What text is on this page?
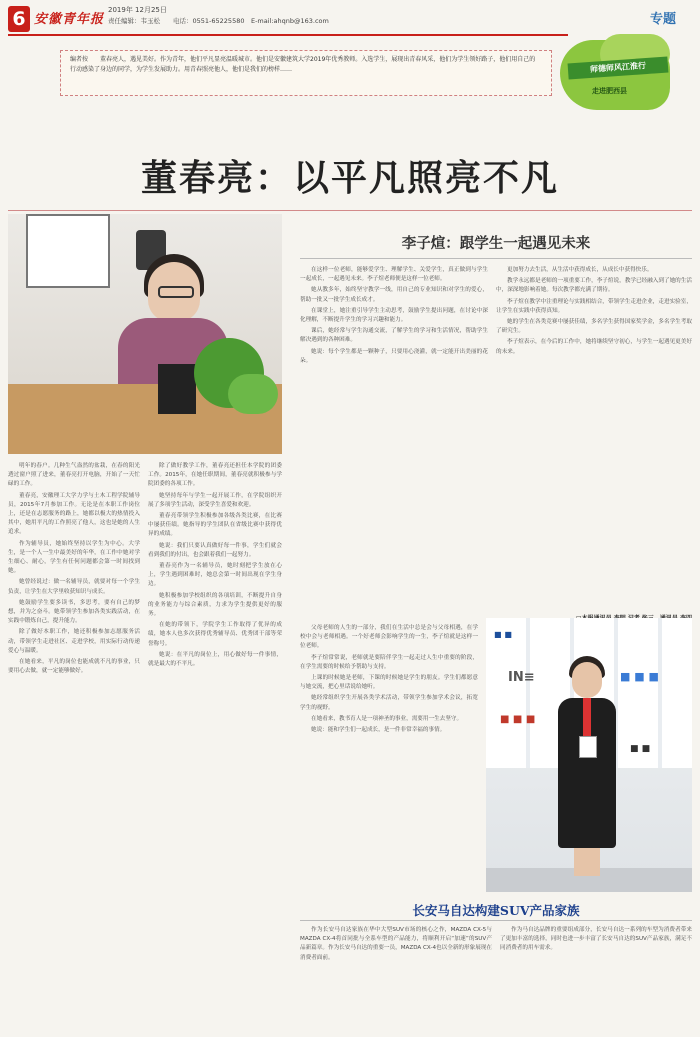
6 安徽青年报
2019年 12月25日
责任编辑：韦玉松　　电话：0551-65225580　E-mail:ahqnb@163.com	专题
编者按　　董春亮人，遇见美好。作为青年，他们平凡显亮温暖城市。他们是安徽建筑大学2019年优秀教师。入选学生，展现出青春风采，他们为学生领好路子，他们用自己的行动感染了身边的同学，为学生发展助力。用青春照亮他人，他们是我们的榜样……	师德师风江淮行
走进肥西县
董春亮：以平凡照亮不凡
李子煊：跟学生一起遇见未来

明年的春户。几种生气盎然的盆栽，在春的阳光透过窗户照了进来，董春亮打开电脑，开始了一天忙碌的工作。

董春亮，安徽理工大学力学与土木工程学院辅导员，2015年7月参加工作。无论是在本职工作岗位上，还是在志愿服务的路上，她都以极大的热情投入其中，她用平凡的工作照亮了他人，这也是她的人生追求。

作为辅导员，她始终坚持以学生为中心。大学生，是一个人一生中最美好的年华，在工作中她对学生细心、耐心，学生有任何问题都会第一时间找到她。

她曾经说过：做一名辅导员，就要对每一个学生负责，让学生在大学里收获知识与成长。

她鼓励学生要多读书，多思考，要有自己的梦想，并为之奋斗。她带领学生参加各类实践活动，在实践中锻炼自己，提升能力。

除了做好本职工作，她还积极参加志愿服务活动，带领学生走进社区、走进学校，用实际行动传递爱心与温暖。

在她看来，平凡的岗位也能成就不凡的事业，只要用心去做，就一定能够做好。

除了做好教学工作，董春亮还担任本学院的团委工作。2015年，在她任职期间，董春亮就积极参与学院团委的各项工作。

她坚持每年与学生一起开展工作，在学院组织开展了多项学生活动，深受学生喜爱和欢迎。

董春亮带领学生积极参加各级各类比赛，在比赛中屡获佳绩。她指导的学生团队在省级比赛中获得优异的成绩。

她说：我们只要认真做好每一件事，学生们就会看到我们的付出，也会跟着我们一起努力。

董春亮作为一名辅导员，她时刻把学生放在心上，学生遇到困难时，她总会第一时间出现在学生身边。

她积极参加学校组织的各项培训，不断提升自身的业务能力与综合素质，力求为学生提供更好的服务。

在她的带领下，学院学生工作取得了优异的成绩，她本人也多次获得优秀辅导员、优秀团干部等荣誉称号。

她说：在平凡的岗位上，用心做好每一件事情，就是最大的不平凡。

在这样一位老师，能够爱学生、理解学生、关爱学生，真正做到与学生一起成长，一起遇见未来。李子煊老师便是这样一位老师。

她从教多年，始终坚守教学一线，用自己的专业知识和对学生的爱心，帮助一批又一批学生成长成才。

在课堂上，她注重引导学生主动思考，鼓励学生提出问题，在讨论中深化理解，不断提升学生的学习兴趣和能力。

课后，她经常与学生沟通交流，了解学生的学习和生活情况，帮助学生解决遇到的各种困难。

她说：每个学生都是一颗种子，只要用心浇灌，就一定能开出美丽的花朵。

更加努力去生活，从生活中获得成长，从成长中获得快乐。

教学永远都是老师的一项重要工作，李子煊说，教学已经融入到了她的生活中，深深地影响着她。每次教学都充满了期待。

李子煊在教学中注重理论与实践相结合，带领学生走进企业，走进实验室，让学生在实践中获得真知。

她的学生在各类竞赛中屡获佳绩，多名学生获得国家奖学金，多名学生考取了研究生。

李子煊表示，在今后的工作中，她将继续坚守初心，与学生一起遇见更美好的未来。

父母老师的人生的一部分，我们在生活中总是会与父母相遇，在学校中会与老师相遇。一个好老师会影响学生的一生，李子煊就是这样一位老师。

李子煊常常说，老师就是要陪伴学生一起走过人生中重要的阶段，在学生需要的时候给予帮助与支持。

上课的时候她是老师，下课的时候她是学生的朋友。学生们都愿意与她交流，把心里话说给她听。

她经常组织学生开展各类学术活动，带领学生参加学术会议，拓宽学生的视野。

在她看来，教书育人是一项神圣的事业，需要用一生去坚守。

她说：能和学生们一起成长，是一件非常幸福的事情。

■ ■
IN≡	■ ■ ■
■ ■ ■
■ ■
长安马自达构建SUV产品家族

作为长安马自达家族在华中大型SUV市场的核心之作，MAZDA CX-5与MAZDA CX-4将首同批与全系车型的产品能力，将顺利开启“加速”的SUV产品新篇章。作为长安马自达的重要一员，MAZDA CX-4也以全新的形象展现在消费者面前。

作为马自达品牌的重要组成部分，长安马自达一系列的车型为消费者带来了更加丰富的选择，同时也进一步丰富了长安马自达的SUV产品家族，满足不同消费者的用车需求。
